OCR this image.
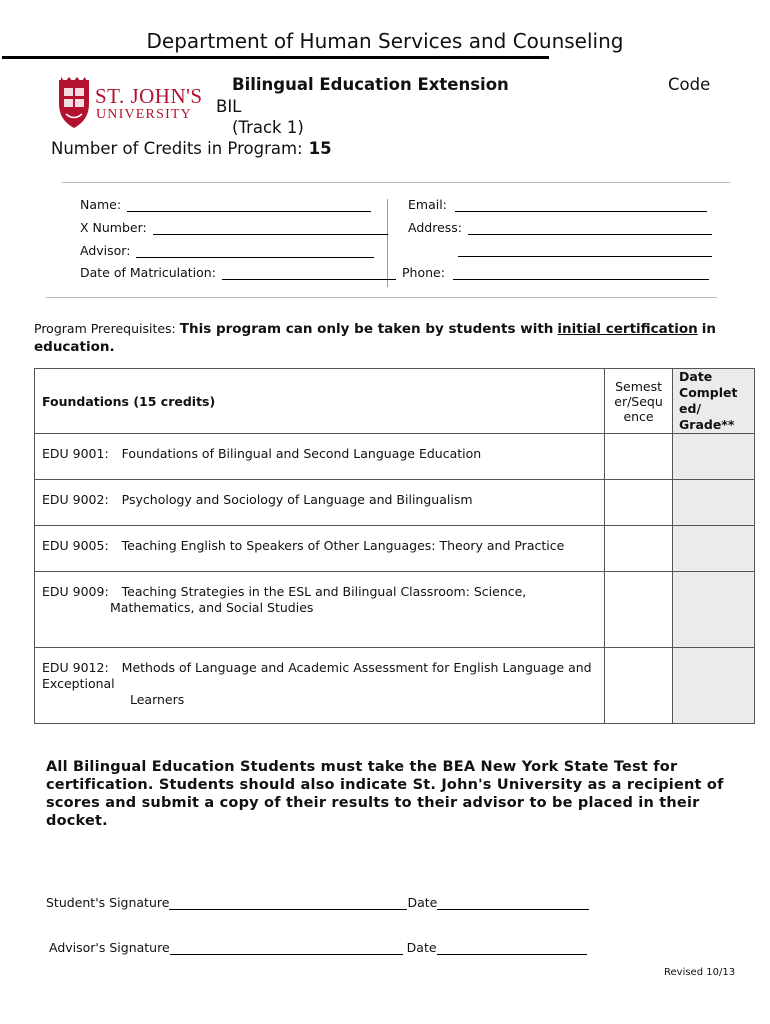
Department of Human Services and Counseling
ST. JOHN'S
UNIVERSITY
Bilingual Education Extension	Code
BIL
(Track 1)
Number of Credits in Program: 15
Name:
X Number:
Advisor:
Date of Matriculation:
Email:
Address:
Phone:
Program Prerequisites: This program can only be taken by students with initial certification in education.
Foundations (15 credits)	Semest er/Sequ ence	Date
Complet
ed/
Grade**

EDU 9001: Foundations of Bilingual and Second Language Education		
EDU 9002: Psychology and Sociology of Language and Bilingualism		
EDU 9005: Teaching English to Speakers of Other Languages: Theory and Practice		

EDU 9009: Teaching Strategies in the ESL and Bilingual Classroom: Science,
Mathematics, and Social Studies		

EDU 9012: Methods of Language and Academic Assessment for English Language and
Exceptional
Learners		

All Bilingual Education Students must take the BEA New York State Test for certification. Students should also indicate St. John's University as a recipient of scores and submit a copy of their results to their advisor to be placed in their docket.
Student's Signature	Date
Advisor's Signature	Date
Revised 10/13
